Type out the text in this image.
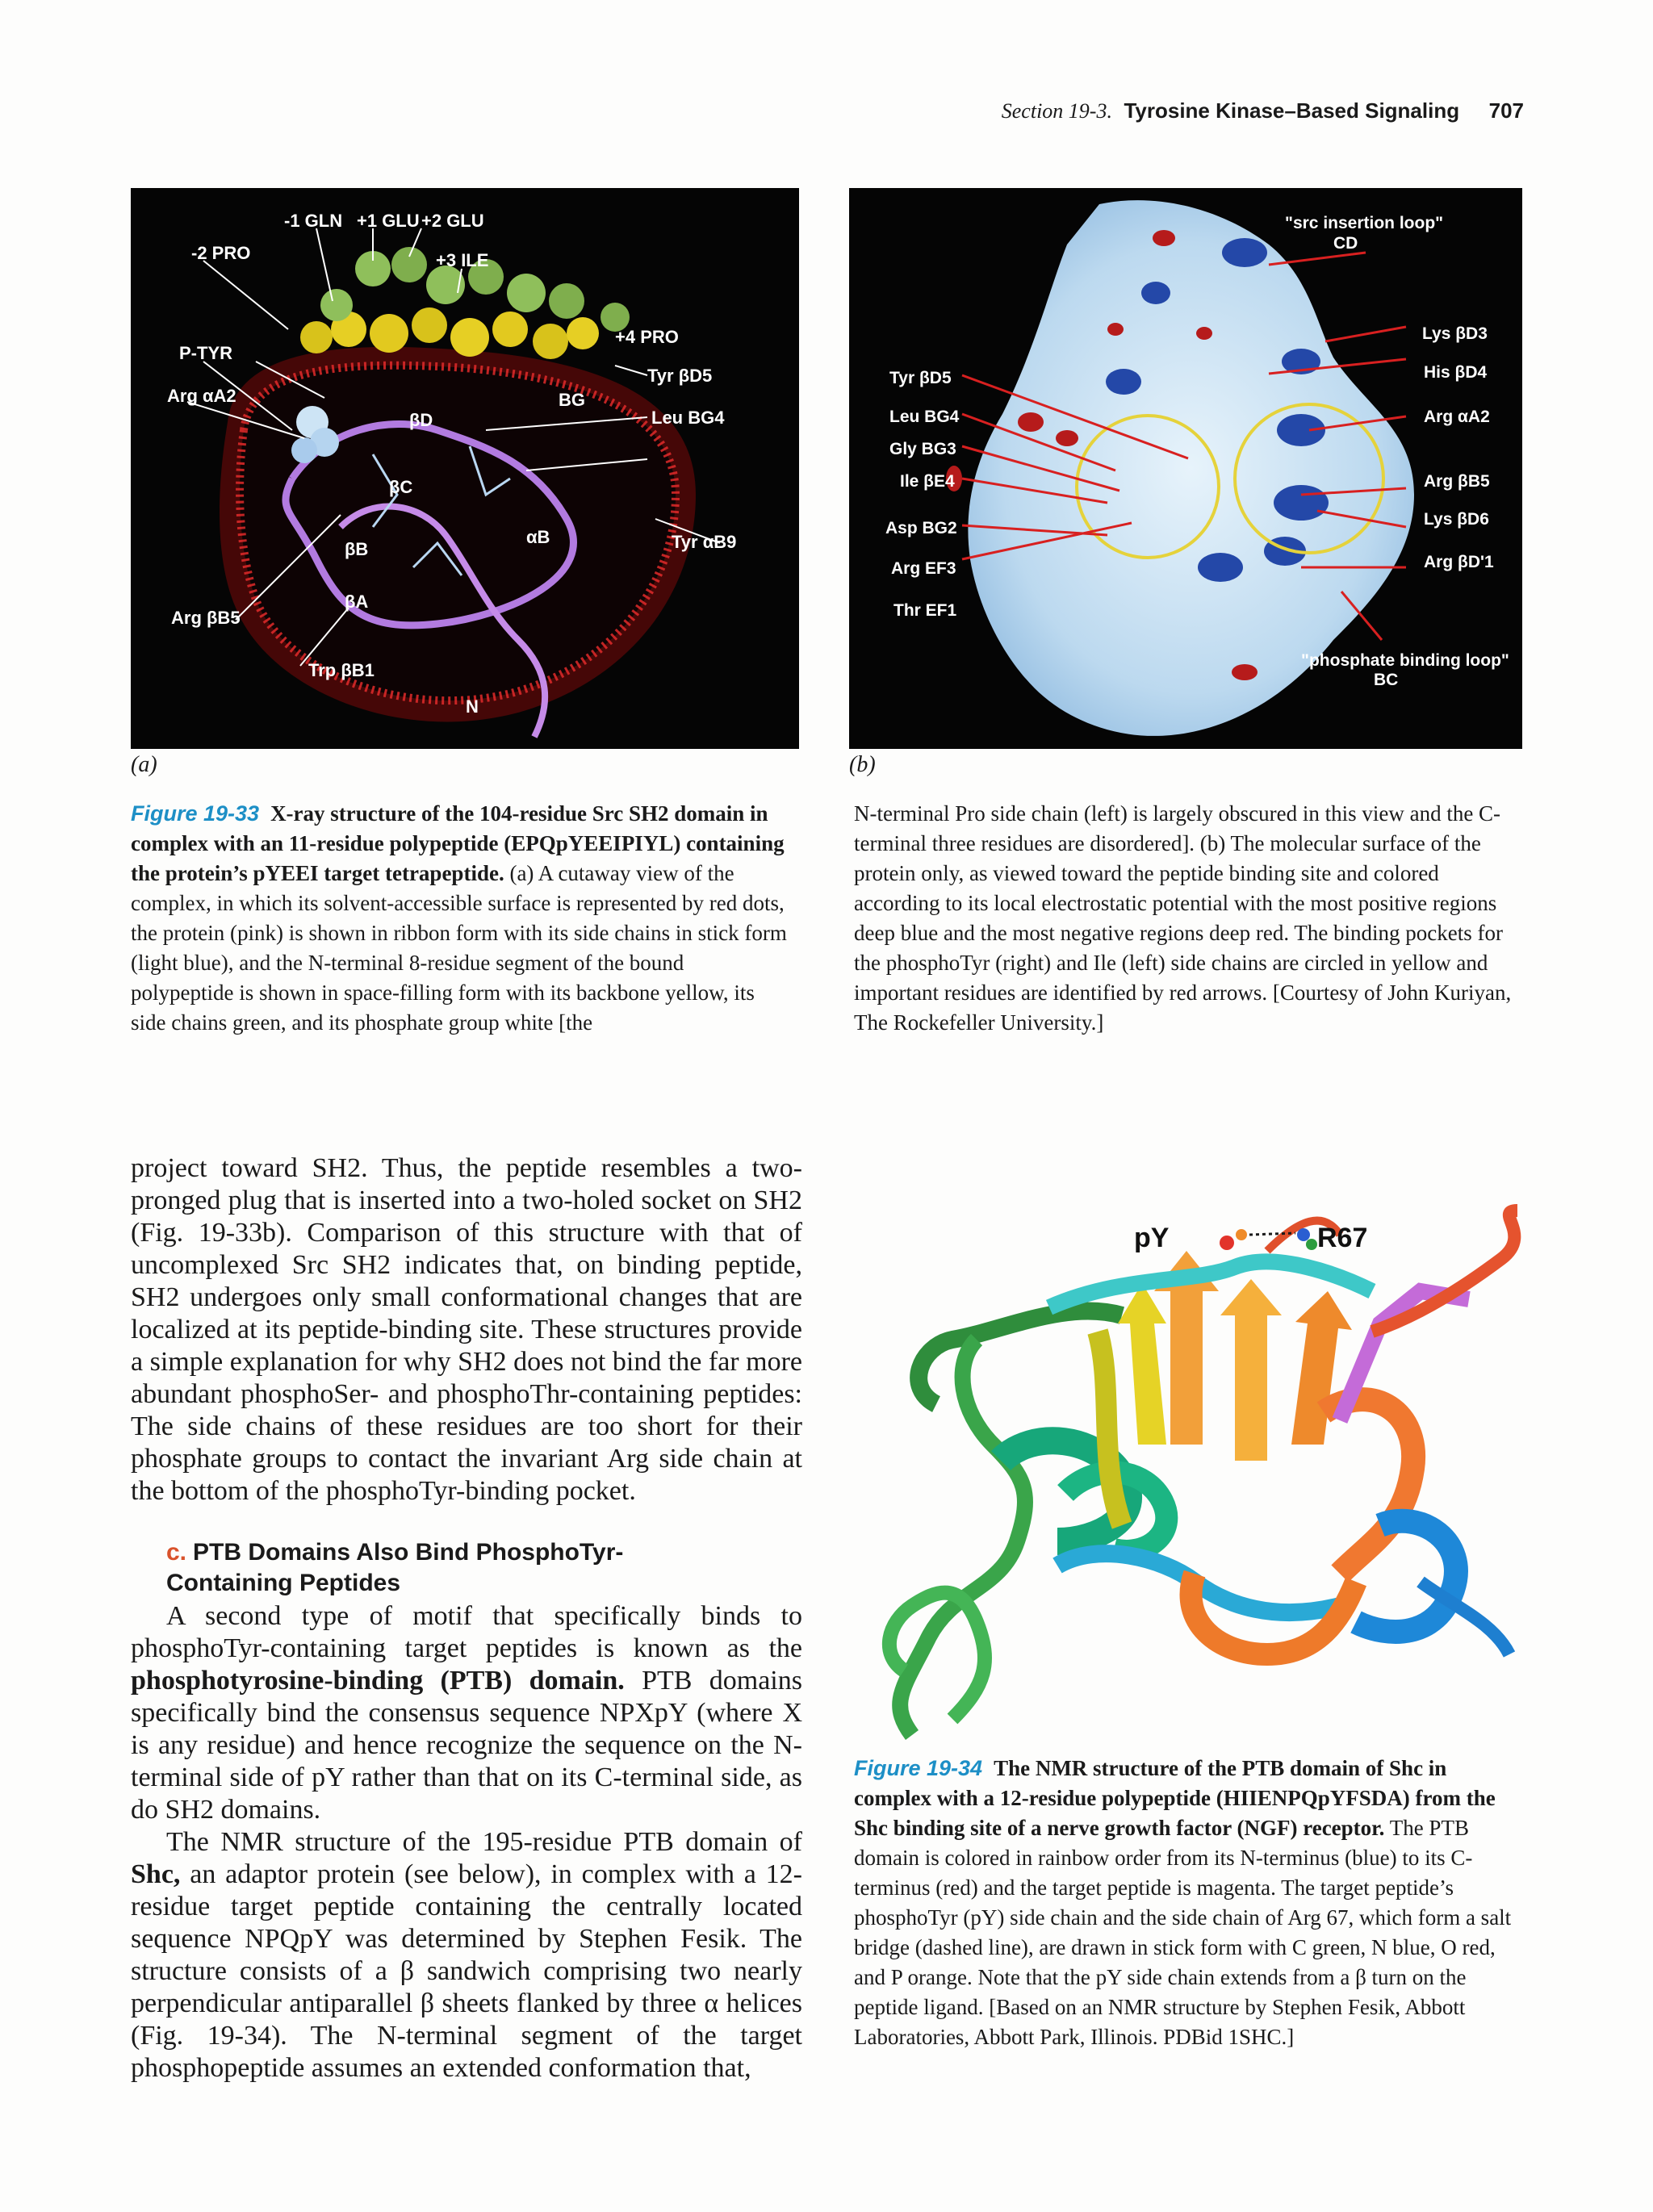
Section 19-3. Tyrosine Kinase–Based Signaling 707
-1 GLN +1 GLU +2 GLU
-2 PRO	+3 ILE
+4 PRO
P-TYR
Tyr βD5
Arg αA2	BG
βD	Leu BG4
βC
αB
βB	Tyr αB9
Arg βB5
βA
Trp βB1
N
(a)
"src insertion loop"
CD
Lys βD3
His βD4
Tyr βD5
Leu BG4	Arg αA2
Gly BG3
Ile βE4	Arg βB5
Lys βD6
Asp BG2
Arg βD'1
Arg EF3
Thr EF1
"phosphate binding loop"
BC
(b)
Figure 19-33 X-ray structure of the 104-residue Src SH2 domain in complex with an 11-residue polypeptide (EPQpYEEIPIYL) containing the protein’s pYEEI target tetrapeptide. (a) A cutaway view of the complex, in which its solvent-accessible surface is represented by red dots, the protein (pink) is shown in ribbon form with its side chains in stick form (light blue), and the N-terminal 8-residue segment of the bound polypeptide is shown in space-filling form with its backbone yellow, its side chains green, and its phosphate group white [the
N-terminal Pro side chain (left) is largely obscured in this view and the C-terminal three residues are disordered]. (b) The molecular surface of the protein only, as viewed toward the peptide binding site and colored according to its local electrostatic potential with the most positive regions deep blue and the most negative regions deep red. The binding pockets for the phosphoTyr (right) and Ile (left) side chains are circled in yellow and important residues are identified by red arrows. [Courtesy of John Kuriyan, The Rockefeller University.]

project toward SH2. Thus, the peptide resembles a two-pronged plug that is inserted into a two-holed socket on SH2 (Fig. 19-33b). Comparison of this structure with that of uncomplexed Src SH2 indicates that, on binding peptide, SH2 undergoes only small conformational changes that are localized at its peptide-binding site. These structures provide a simple explanation for why SH2 does not bind the far more abundant phosphoSer- and phosphoThr-containing peptides: The side chains of these residues are too short for their phosphate groups to contact the invariant Arg side chain at the bottom of the phosphoTyr-binding pocket.

c. PTB Domains Also Bind PhosphoTyr-Containing Peptides

A second type of motif that specifically binds to phosphoTyr-containing target peptides is known as the phosphotyrosine-binding (PTB) domain. PTB domains specifically bind the consensus sequence NPXpY (where X is any residue) and hence recognize the sequence on the N-terminal side of pY rather than that on its C-terminal side, as do SH2 domains.

The NMR structure of the 195-residue PTB domain of Shc, an adaptor protein (see below), in complex with a 12-residue target peptide containing the centrally located sequence NPQpY was determined by Stephen Fesik. The structure consists of a β sandwich comprising two nearly perpendicular antiparallel β sheets flanked by three α helices (Fig. 19-34). The N-terminal segment of the target phosphopeptide assumes an extended conformation that,

pY	R67
Figure 19-34 The NMR structure of the PTB domain of Shc in complex with a 12-residue polypeptide (HIIENPQpYFSDA) from the Shc binding site of a nerve growth factor (NGF) receptor. The PTB domain is colored in rainbow order from its N-terminus (blue) to its C-terminus (red) and the target peptide is magenta. The target peptide’s phosphoTyr (pY) side chain and the side chain of Arg 67, which form a salt bridge (dashed line), are drawn in stick form with C green, N blue, O red, and P orange. Note that the pY side chain extends from a β turn on the peptide ligand. [Based on an NMR structure by Stephen Fesik, Abbott Laboratories, Abbott Park, Illinois. PDBid 1SHC.]
